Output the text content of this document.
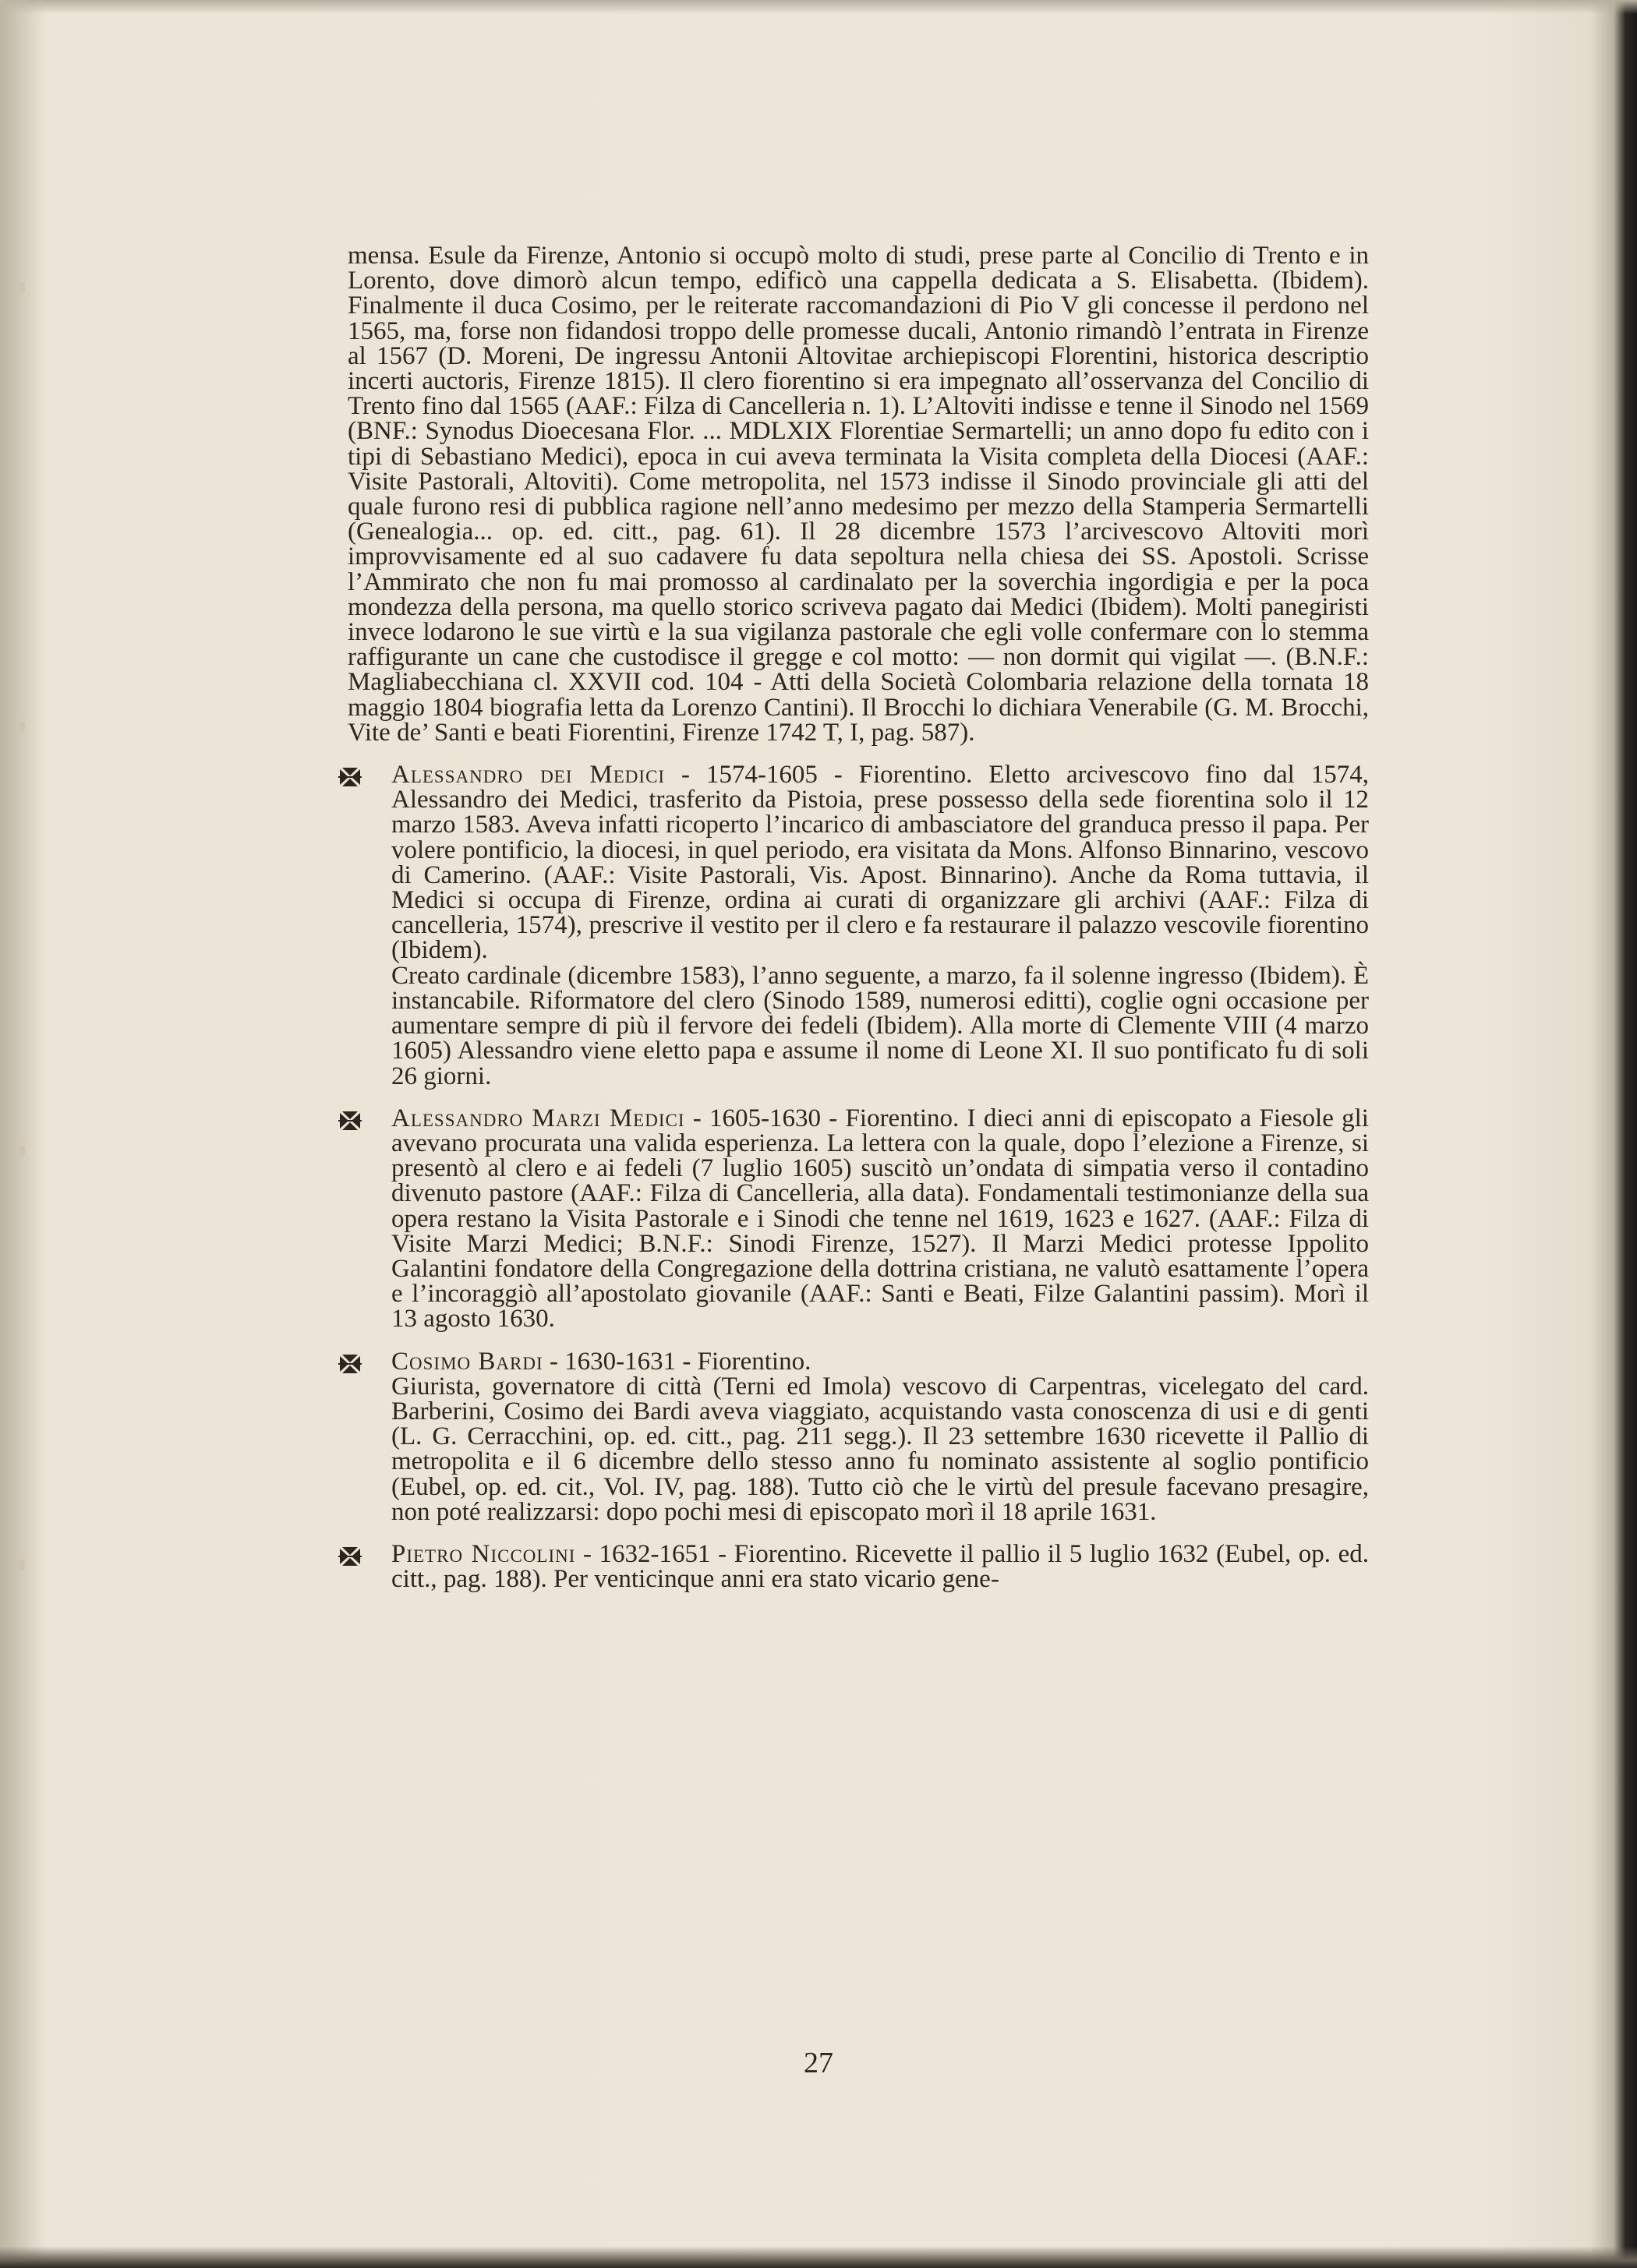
mensa. Esule da Firenze, Antonio si occupò molto di studi, prese parte al Concilio di Trento e in Lorento, dove dimorò alcun tempo, edificò una cappella dedicata a S. Elisabetta. (Ibidem). Finalmente il duca Cosimo, per le reiterate raccomandazioni di Pio V gli concesse il perdono nel 1565, ma, forse non fidandosi troppo delle promesse ducali, Antonio rimandò l’entrata in Firenze al 1567 (D. Moreni, De ingressu Antonii Altovitae archiepiscopi Florentini, historica descriptio incerti auctoris, Firenze 1815). Il clero fiorentino si era impegnato all’osservanza del Concilio di Trento fino dal 1565 (AAF.: Filza di Cancelleria n. 1). L’Altoviti indisse e tenne il Sinodo nel 1569 (BNF.: Synodus Dioecesana Flor. ... MDLXIX Florentiae Sermartelli; un anno dopo fu edito con i tipi di Sebastiano Medici), epoca in cui aveva terminata la Visita completa della Diocesi (AAF.: Visite Pastorali, Altoviti). Come metropolita, nel 1573 indisse il Sinodo provinciale gli atti del quale furono resi di pubblica ragione nell’anno medesimo per mezzo della Stamperia Sermartelli (Genealogia... op. ed. citt., pag. 61). Il 28 dicembre 1573 l’arcivescovo Altoviti morì improvvisamente ed al suo cadavere fu data sepoltura nella chiesa dei SS. Apostoli. Scrisse l’Ammirato che non fu mai promosso al cardinalato per la soverchia ingordigia e per la poca mondezza della persona, ma quello storico scriveva pagato dai Medici (Ibidem). Molti panegiristi invece lodarono le sue virtù e la sua vigilanza pastorale che egli volle confermare con lo stemma raffigurante un cane che custodisce il gregge e col motto: — non dormit qui vigilat —. (B.N.F.: Magliabecchiana cl. XXVII cod. 104 - Atti della Società Colombaria relazione della tornata 18 maggio 1804 biografia letta da Lorenzo Cantini). Il Brocchi lo dichiara Venerabile (G. M. Brocchi, Vite de’ Santi e beati Fiorentini, Firenze 1742 T, I, pag. 587).

Alessandro dei Medici - 1574-1605 - Fiorentino. Eletto arcivescovo fino dal 1574, Alessandro dei Medici, trasferito da Pistoia, prese possesso della sede fiorentina solo il 12 marzo 1583. Aveva infatti ricoperto l’incarico di ambasciatore del granduca presso il papa. Per volere pontificio, la diocesi, in quel periodo, era visitata da Mons. Alfonso Binnarino, vescovo di Camerino. (AAF.: Visite Pastorali, Vis. Apost. Binnarino). Anche da Roma tuttavia, il Medici si occupa di Firenze, ordina ai curati di organizzare gli archivi (AAF.: Filza di cancelleria, 1574), prescrive il vestito per il clero e fa restaurare il palazzo vescovile fiorentino (Ibidem).
Creato cardinale (dicembre 1583), l’anno seguente, a marzo, fa il solenne ingresso (Ibidem). È instancabile. Riformatore del clero (Sinodo 1589, numerosi editti), coglie ogni occasione per aumentare sempre di più il fervore dei fedeli (Ibidem). Alla morte di Clemente VIII (4 marzo 1605) Alessandro viene eletto papa e assume il nome di Leone XI. Il suo pontificato fu di soli 26 giorni.
Alessandro Marzi Medici - 1605-1630 - Fiorentino. I dieci anni di episcopato a Fiesole gli avevano procurata una valida esperienza. La lettera con la quale, dopo l’elezione a Firenze, si presentò al clero e ai fedeli (7 luglio 1605) suscitò un’ondata di simpatia verso il contadino divenuto pastore (AAF.: Filza di Cancelleria, alla data). Fondamentali testimonianze della sua opera restano la Visita Pastorale e i Sinodi che tenne nel 1619, 1623 e 1627. (AAF.: Filza di Visite Marzi Medici; B.N.F.: Sinodi Firenze, 1527). Il Marzi Medici protesse Ippolito Galantini fondatore della Congregazione della dottrina cristiana, ne valutò esattamente l’opera e l’incoraggiò all’apostolato giovanile (AAF.: Santi e Beati, Filze Galantini passim). Morì il 13 agosto 1630.
Cosimo Bardi - 1630-1631 - Fiorentino.
Giurista, governatore di città (Terni ed Imola) vescovo di Carpentras, vicelegato del card. Barberini, Cosimo dei Bardi aveva viaggiato, acquistando vasta conoscenza di usi e di genti (L. G. Cerracchini, op. ed. citt., pag. 211 segg.). Il 23 settembre 1630 ricevette il Pallio di metropolita e il 6 dicembre dello stesso anno fu nominato assistente al soglio pontificio (Eubel, op. ed. cit., Vol. IV, pag. 188). Tutto ciò che le virtù del presule facevano presagire, non poté realizzarsi: dopo pochi mesi di episcopato morì il 18 aprile 1631.
Pietro Niccolini - 1632-1651 - Fiorentino. Ricevette il pallio il 5 luglio 1632 (Eubel, op. ed. citt., pag. 188). Per venticinque anni era stato vicario gene-
27
